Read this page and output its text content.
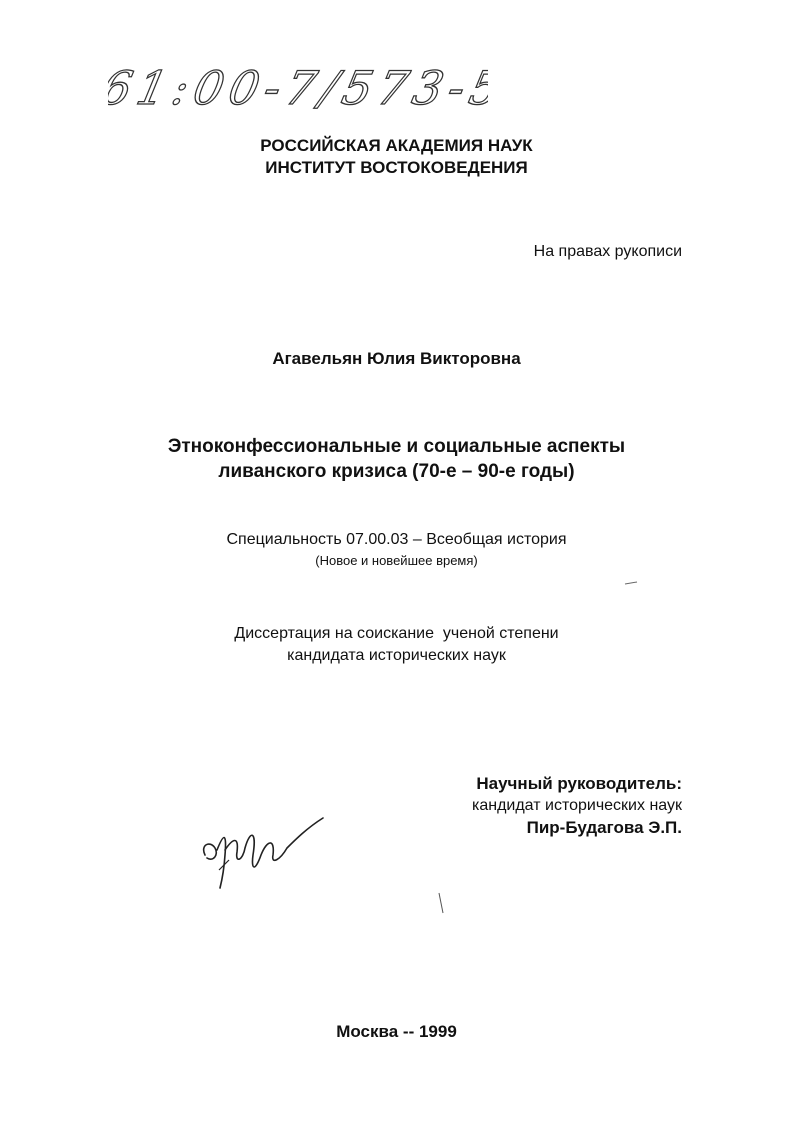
61:00-7/573-5
РОССИЙСКАЯ АКАДЕМИЯ НАУК
ИНСТИТУТ ВОСТОКОВЕДЕНИЯ
На правах рукописи
Агавельян Юлия Викторовна
Этноконфессиональные и социальные аспекты
ливанского кризиса (70-е – 90-е годы)
Специальность 07.00.03 – Всеобщая история
(Новое и новейшее время)
Диссертация на соискание  ученой степени
кандидата исторических наук
Научный руководитель:
кандидат исторических наук
Пир-Будагова Э.П.
Москва -- 1999
